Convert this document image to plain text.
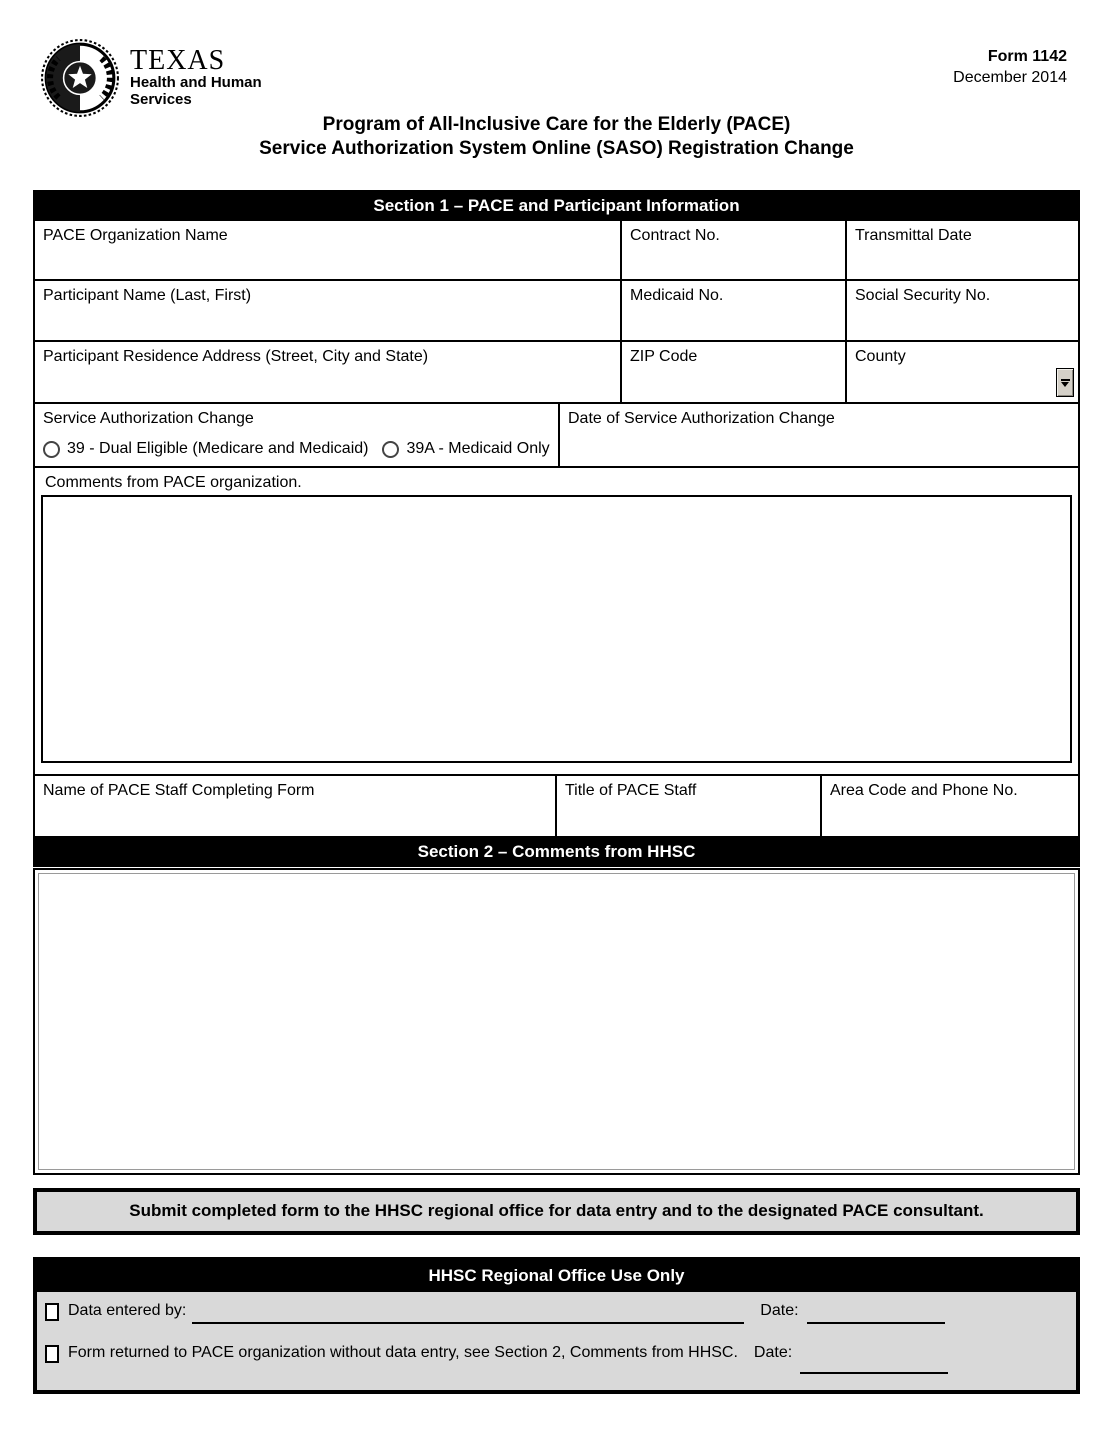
TEXAS
Health and Human
Services
Form 1142
December 2014
Program of All-Inclusive Care for the Elderly (PACE)
Service Authorization System Online (SASO) Registration Change
Section 1 – PACE and Participant Information
PACE Organization Name	Contract No.	Transmittal Date
Participant Name (Last, First)	Medicaid No.	Social Security No.
Participant Residence Address (Street, City and State)	ZIP Code	County
Service Authorization Change
39 - Dual Eligible (Medicare and Medicaid) 39A - Medicaid Only
Date of Service Authorization Change
Comments from PACE organization.
Name of PACE Staff Completing Form	Title of PACE Staff	Area Code and Phone No.
Section 2 – Comments from HHSC
Submit completed form to the HHSC regional office for data entry and to the designated PACE consultant.
HHSC Regional Office Use Only
Data entered by:	Date:
Form returned to PACE organization without data entry, see Section 2, Comments from HHSC. Date:
